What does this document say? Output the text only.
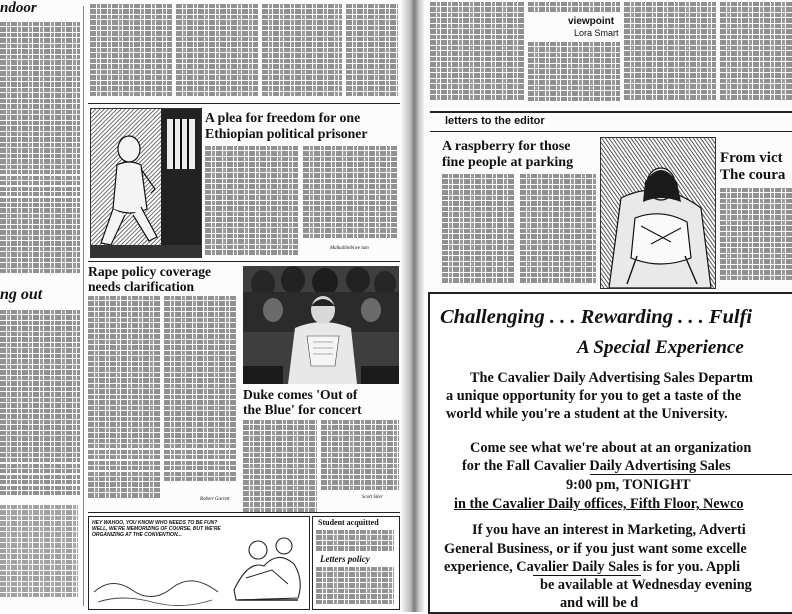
ndoor
ng out
A plea for freedom for one
Ethiopian political prisoner
Malkallimbiwe tum
Rape policy coverage
needs clarification
Robert Garrett
Duke comes 'Out of
the Blue' for concert
Scott Siler
HEY WAHOO, YOU KNOW WHO NEEDS TO BE FUN? WELL, WE'RE MEMORIZING OF COURSE, BUT WE'RE ORGANIZING AT THE CONVENTION...
Student acquitted
Letters policy
viewpoint
Lora Smart
letters to the editor
A raspberry for those
fine people at parking	From vict
The coura
Challenging . . . Rewarding . . . Fulfi
A Special Experience
The Cavalier Daily Advertising Sales Departm
a unique opportunity for you to get a taste of the
world while you're a student at the University.
Come see what we're about at an organization
for the Fall Cavalier Daily Advertising Sales
9:00 pm, TONIGHT
in the Cavalier Daily offices, Fifth Floor, Newco
If you have an interest in Marketing, Adverti
General Business, or if you just want some excelle
experience, Cavalier Daily Sales is for you. Appli
be available at Wednesday evening
and will be d
